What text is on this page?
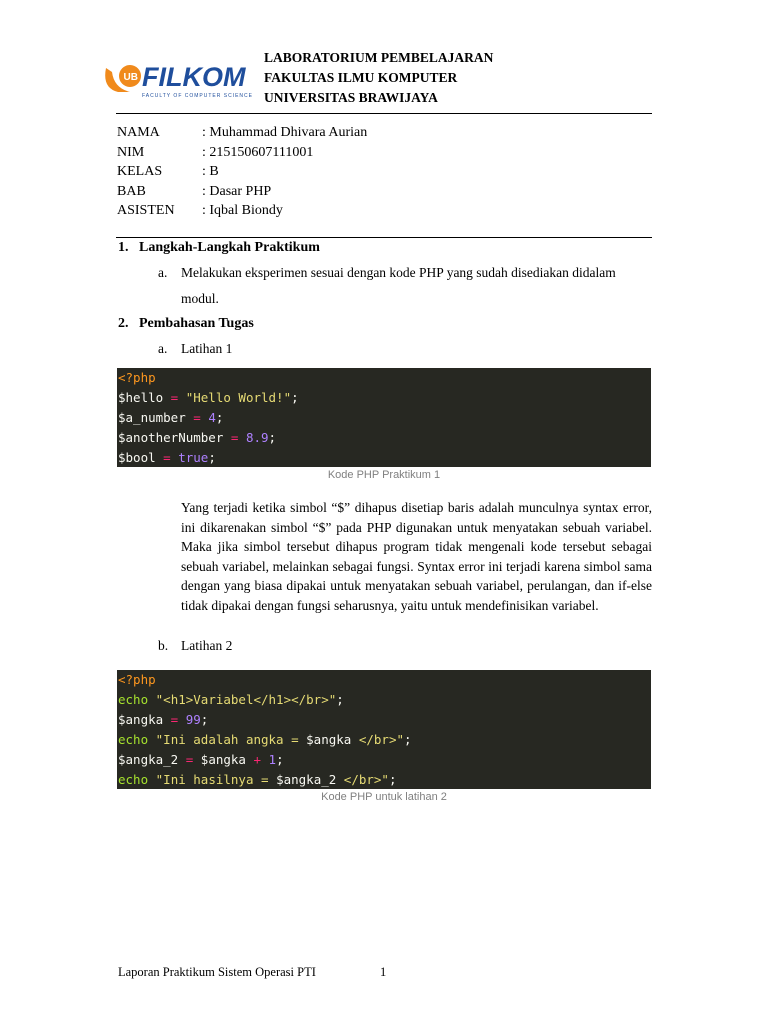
UB FILKOM
FACULTY OF COMPUTER SCIENCE
LABORATORIUM PEMBELAJARAN
FAKULTAS ILMU KOMPUTER
UNIVERSITAS BRAWIJAYA
NAMA	: Muhammad Dhivara Aurian
NIM	: 215150607111001
KELAS	: B
BAB	: Dasar PHP
ASISTEN	: Iqbal Biondy
1. Langkah-Langkah Praktikum
a. Melakukan eksperimen sesuai dengan kode PHP yang sudah disediakan didalam modul.
2. Pembahasan Tugas
a. Latihan 1
<?php
$hello = "Hello World!";
$a_number = 4;
$anotherNumber = 8.9;
$bool = true;
Kode PHP Praktikum 1
Yang terjadi ketika simbol “$” dihapus disetiap baris adalah munculnya syntax error, ini dikarenakan simbol “$” pada PHP digunakan untuk menyatakan sebuah variabel. Maka jika simbol tersebut dihapus program tidak mengenali kode tersebut sebagai sebuah variabel, melainkan sebagai fungsi. Syntax error ini terjadi karena simbol sama dengan yang biasa dipakai untuk menyatakan sebuah variabel, perulangan, dan if-else tidak dipakai dengan fungsi seharusnya, yaitu untuk mendefinisikan variabel.
b. Latihan 2
<?php
echo "<h1>Variabel</h1></br>";
$angka = 99;
echo "Ini adalah angka = $angka </br>";
$angka_2 = $angka + 1;
echo "Ini hasilnya = $angka_2 </br>";
Kode PHP untuk latihan 2
Laporan Praktikum Sistem Operasi PTI	1
